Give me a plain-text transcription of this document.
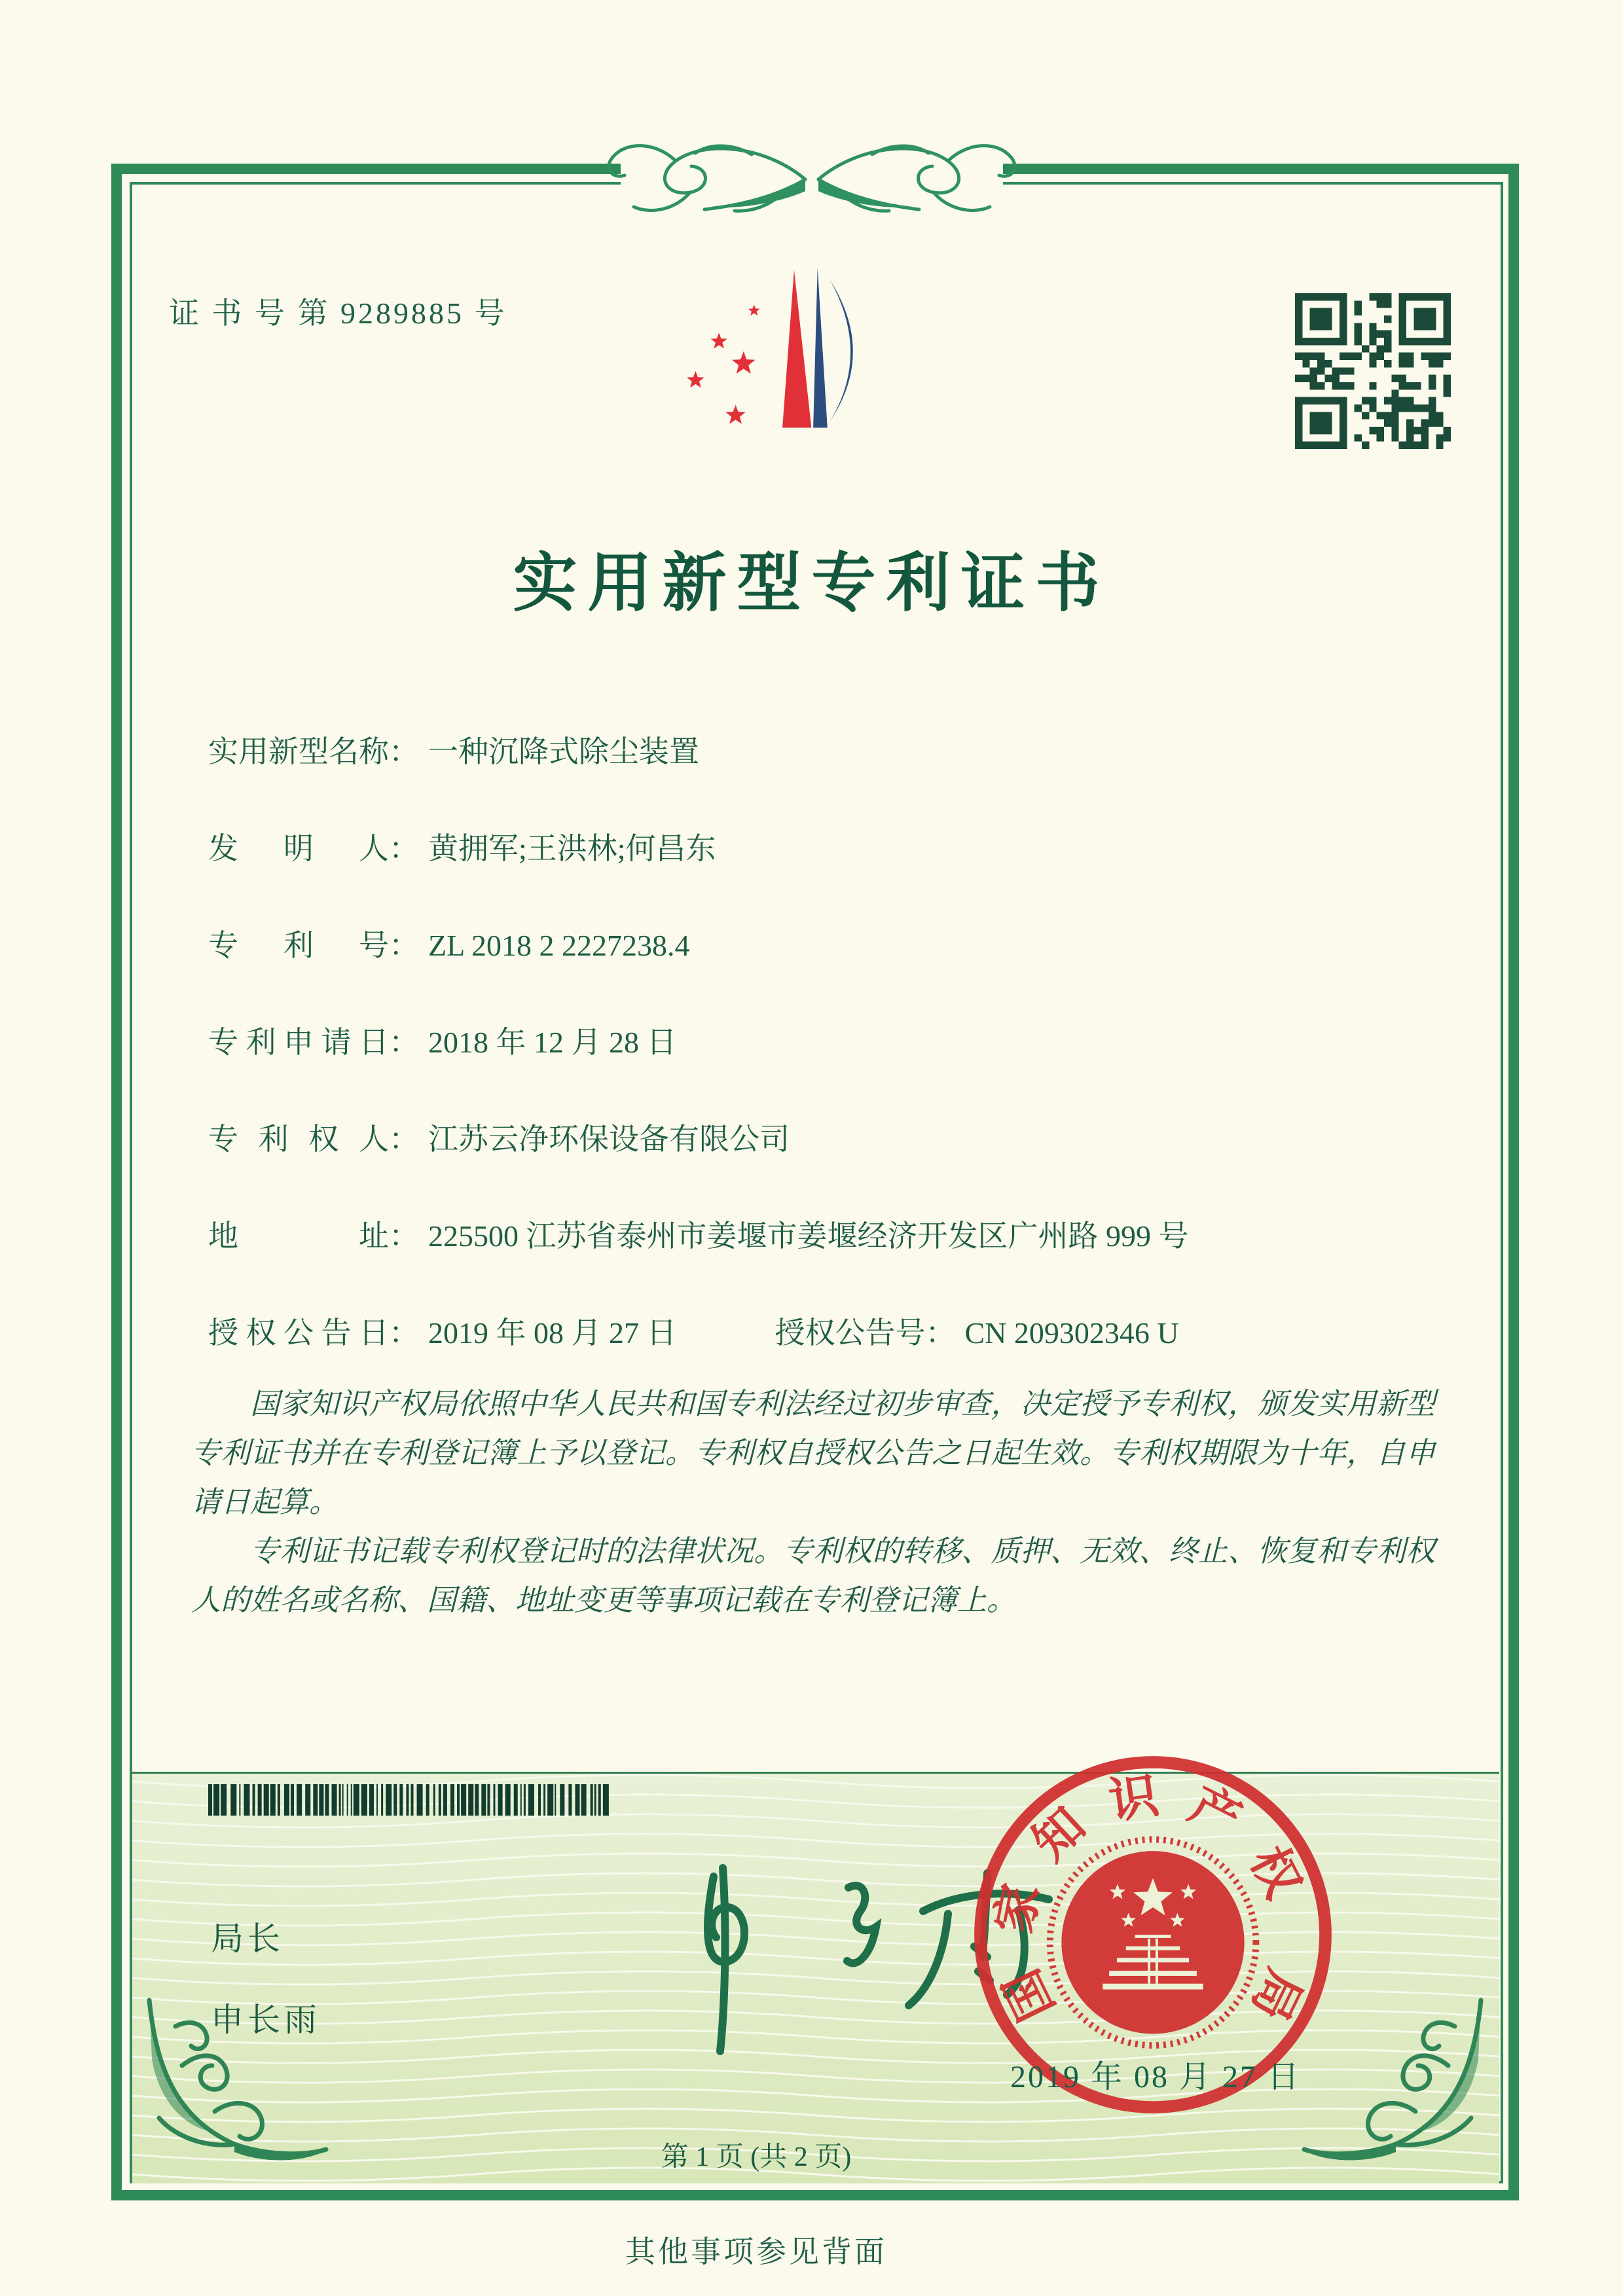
证 书 号 第 9289885 号
实用新型专利证书
实用新型名称： 一种沉降式除尘装置
发明人： 黄拥军;王洪林;何昌东
专利号： ZL 2018 2 2227238.4
专利申请日： 2018 年 12 月 28 日
专利权人： 江苏云净环保设备有限公司
地址： 225500 江苏省泰州市姜堰市姜堰经济开发区广州路 999 号
授权公告日： 2019 年 08 月 27 日	授权公告号： CN 209302346 U

国家知识产权局依照中华人民共和国专利法经过初步审查，决定授予专利权，颁发实用新型专利证书并在专利登记簿上予以登记。专利权自授权公告之日起生效。专利权期限为十年，自申请日起算。

专利证书记载专利权登记时的法律状况。专利权的转移、质押、无效、终止、恢复和专利权人的姓名或名称、国籍、地址变更等事项记载在专利登记簿上。

局长
申长雨	国
家
知 识 产
权
局
2019 年 08 月 27 日
第 1 页 (共 2 页)
其他事项参见背面
